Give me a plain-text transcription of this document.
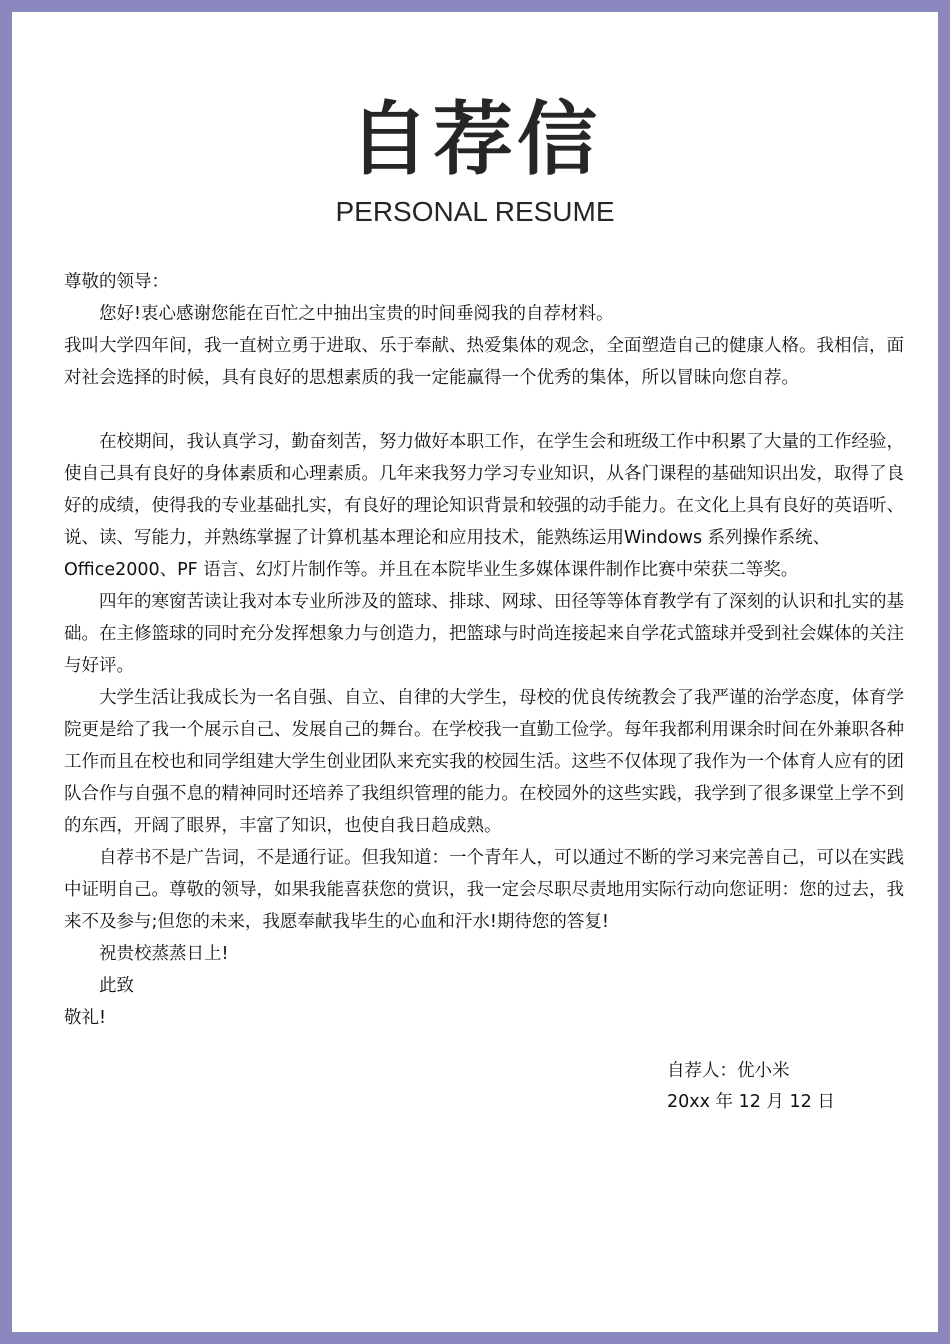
自荐信
PERSONAL RESUME

尊敬的领导：

您好!衷心感谢您能在百忙之中抽出宝贵的时间垂阅我的自荐材料。

我叫大学四年间，我一直树立勇于进取、乐于奉献、热爱集体的观念，全面塑造自己的健康人格。我相信，面对社会选择的时候，具有良好的思想素质的我一定能赢得一个优秀的集体，所以冒昧向您自荐。

在校期间，我认真学习，勤奋刻苦，努力做好本职工作，在学生会和班级工作中积累了大量的工作经验，使自己具有良好的身体素质和心理素质。几年来我努力学习专业知识，从各门课程的基础知识出发，取得了良好的成绩，使得我的专业基础扎实，有良好的理论知识背景和较强的动手能力。在文化上具有良好的英语听、说、读、写能力，并熟练掌握了计算机基本理论和应用技术，能熟练运用Windows 系列操作系统、Office2000、PF 语言、幻灯片制作等。并且在本院毕业生多媒体课件制作比赛中荣获二等奖。

四年的寒窗苦读让我对本专业所涉及的篮球、排球、网球、田径等等体育教学有了深刻的认识和扎实的基础。在主修篮球的同时充分发挥想象力与创造力，把篮球与时尚连接起来自学花式篮球并受到社会媒体的关注与好评。

大学生活让我成长为一名自强、自立、自律的大学生，母校的优良传统教会了我严谨的治学态度，体育学院更是给了我一个展示自己、发展自己的舞台。在学校我一直勤工俭学。每年我都利用课余时间在外兼职各种工作而且在校也和同学组建大学生创业团队来充实我的校园生活。这些不仅体现了我作为一个体育人应有的团队合作与自强不息的精神同时还培养了我组织管理的能力。在校园外的这些实践，我学到了很多课堂上学不到的东西，开阔了眼界，丰富了知识，也使自我日趋成熟。

自荐书不是广告词，不是通行证。但我知道：一个青年人，可以通过不断的学习来完善自己，可以在实践中证明自己。尊敬的领导，如果我能喜获您的赏识，我一定会尽职尽责地用实际行动向您证明：您的过去，我来不及参与;但您的未来，我愿奉献我毕生的心血和汗水!期待您的答复!

祝贵校蒸蒸日上!

此致

敬礼!

自荐人：优小米
20xx 年 12 月 12 日
